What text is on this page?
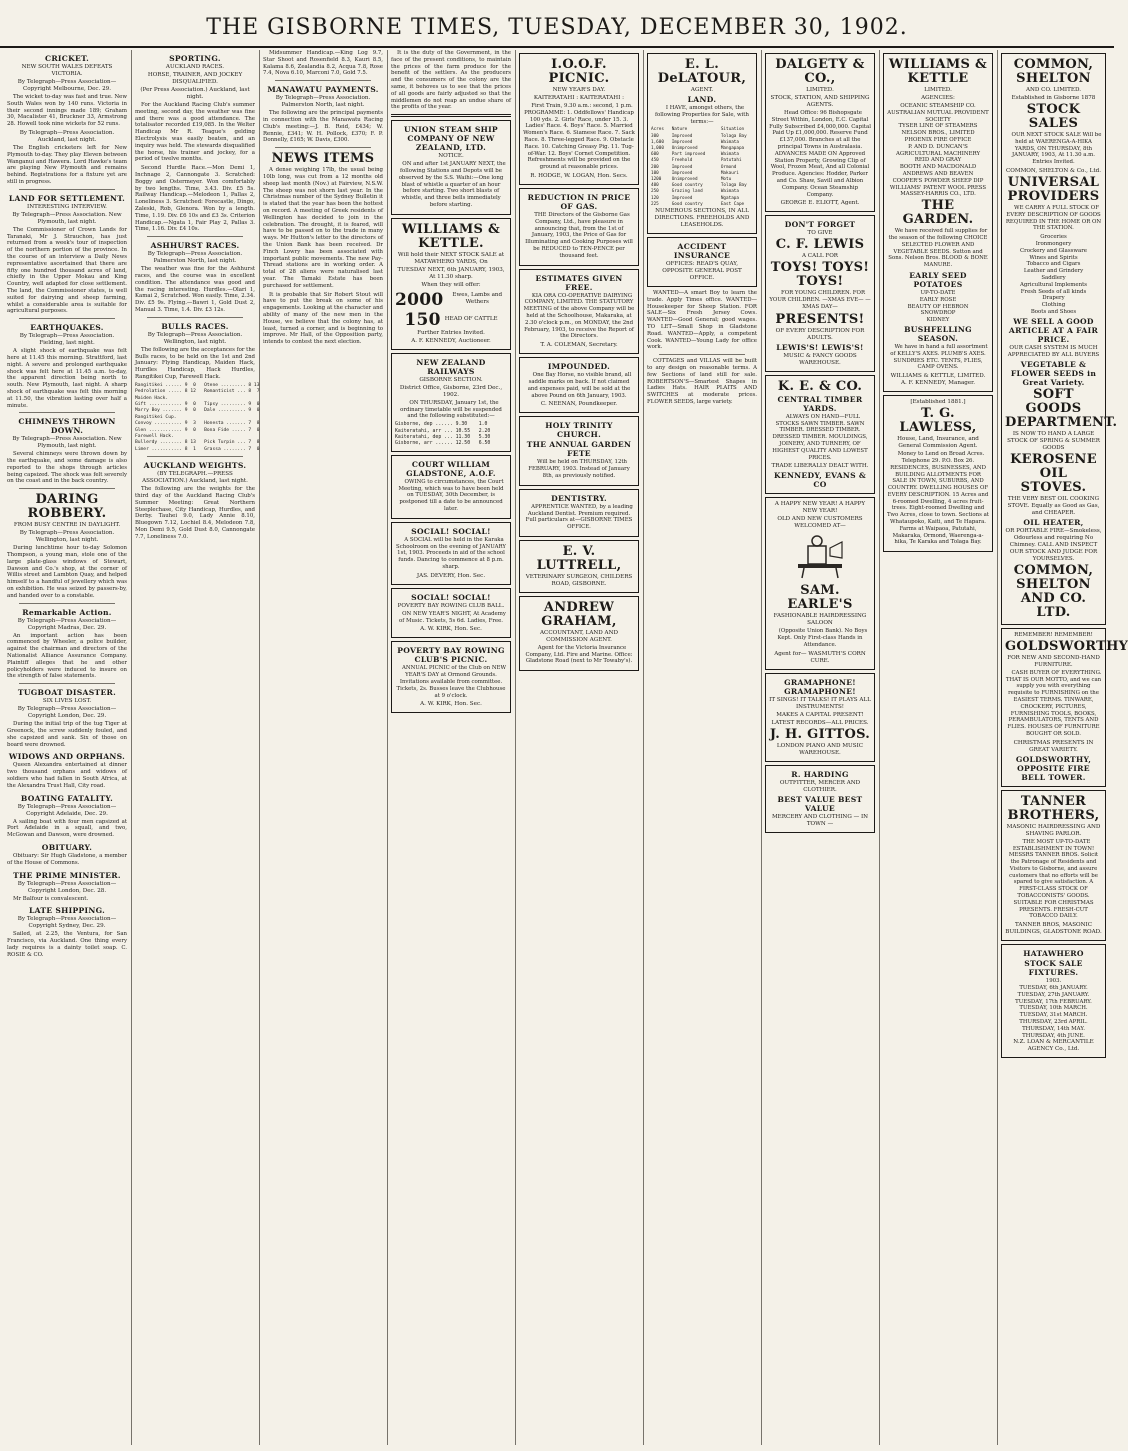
THE GISBORNE TIMES, TUESDAY, DECEMBER 30, 1902.
CRICKET.
NEW SOUTH WALES DEFEATS VICTORIA.
By Telegraph—Press Association—Copyright Melbourne, Dec. 29.

The wicket to-day was fast and true. New South Wales won by 140 runs. Victoria in their second innings made 189; Graham 30, Macalister 41, Bruckner 33, Armstrong 28. Howell took nine wickets for 52 runs.

By Telegraph—Press Association. Auckland, last night.

The English cricketers left for New Plymouth to-day. They play Eleven between Wanganui and Hawera. Lord Hawke's team are playing New Plymouth and remains behind. Registrations for a fixture yet are still in progress.

LAND FOR SETTLEMENT.
INTERESTING INTERVIEW.
By Telegraph—Press Association. New Plymouth, last night.

The Commissioner of Crown Lands for Taranaki, Mr J. Strauchon, has just returned from a week's tour of inspection of the northern portion of the province. In the course of an interview a Daily News representative ascertained that there are fifty one hundred thousand acres of land, chiefly in the Upper Mokau and King Country, well adapted for close settlement. The land, the Commissioner states, is well suited for dairying and sheep farming, whilst a considerable area is suitable for agricultural purposes.

EARTHQUAKES.
By Telegraph—Press Association. Fielding, last night.

A slight shock of earthquake was felt here at 11.45 this morning. Strattford, last night. A severe and prolonged earthquake shock was felt here at 11.45 a.m. to-day, the apparent direction being north to south. New Plymouth, last night. A sharp shock of earthquake was felt this morning at 11.50, the vibration lasting over half a minute.

CHIMNEYS THROWN DOWN.
By Telegraph—Press Association. New Plymouth, last night.

Several chimneys were thrown down by the earthquake, and some damage is also reported to the shops through articles being capsized. The shock was felt severely on the coast and in the back country.

DARING ROBBERY.
FROM BUSY CENTRE IN DAYLIGHT.
By Telegraph—Press Association. Wellington, last night.

During lunchtime hour to-day Solomon Thompson, a young man, stole one of the large plate-glass windows of Stewart, Dawson and Co.'s shop, at the corner of Willis street and Lambton Quay, and helped himself to a handful of jewellery which was on exhibition. He was seized by passers-by, and handed over to a constable.

Remarkable Action.
By Telegraph—Press Association—Copyright Madras, Dec. 29.

An important action has been commenced by Wheeler, a police builder, against the chairman and directors of the Nationalist Alliance Assurance Company. Plaintiff alleges that he and other policyholders were induced to insure on the strength of false statements.

TUGBOAT DISASTER.
SIX LIVES LOST.
By Telegraph—Press Association—Copyright London, Dec. 29.

During the initial trip of the tug Tiger at Greenock, the screw suddenly fouled, and she capsized and sank. Six of those on board were drowned.

WIDOWS AND ORPHANS.

Queen Alexandra entertained at dinner two thousand orphans and widows of soldiers who had fallen in South Africa, at the Alexandra Trust Hall, City road.

BOATING FATALITY.
By Telegraph—Press Association—Copyright Adelaide, Dec. 29.

A sailing boat with four men capsized at Port Adelaide in a squall, and two, McGowan and Dawson, were drowned.

OBITUARY.

Obituary: Sir Hugh Gladstone, a member of the House of Commons.

THE PRIME MINISTER.
By Telegraph—Press Association—Copyright London, Dec. 28.

Mr Balfour is convalescent.

LATE SHIPPING.
By Telegraph—Press Association—Copyright Sydney, Dec. 29.

Sailed, at 2.25, the Ventura, for San Francisco, via Auckland. One thing every lady requires is a dainty toilet soap. C. ROSIE & CO.

SPORTING.
AUCKLAND RACES.
HORSE, TRAINER, AND JOCKEY DISQUALIFIED.
(Per Press Association.) Auckland, last night.

For the Auckland Racing Club's summer meeting, second day, the weather was fine and there was a good attendance. The totalisator recorded £19,085. In the Welter Handicap Mr R. Teague's gelding Electrolysis was easily beaten, and an inquiry was held. The stewards disqualified the horse, his trainer and jockey, for a period of twelve months.

Second Hurdle Race.—Mon Demi 1, Inchnage 2, Cannongate 3. Scratched: Boggy and Ostermeyer. Won comfortably by two lengths. Time, 3.43. Div. £5 5s. Railway Handicap.—Melodeon 1, Pallas 2, Loneliness 3. Scratched: Forecastle, Dingo, Zaleski, Rob, Glenora. Won by a length. Time, 1.19. Div. £6 10s and £3 3s. Criterion Handicap.—Ngata 1, Fair Play 2, Pallas 3. Time, 1.16. Div. £4 10s.

ASHHURST RACES.
By Telegraph—Press Association. Palmerston North, last night.

The weather was fine for the Ashhurst races, and the course was in excellent condition. The attendance was good and the racing interesting. Hurdles.—Olari 1, Kamai 2, Scratched. Won easily. Time, 2.34. Div. £5 9s. Flying.—Bawri 1, Gold Dust 2, Manual 3. Time, 1.4. Div. £3 12s.

BULLS RACES.
By Telegraph—Press Association. Wellington, last night.

The following are the acceptances for the Bulls races, to be held on the 1st and 2nd January: Flying Handicap, Maiden Hack, Hurdles Handicap, Hack Hurdles, Rangitikei Cup, Farewell Hack.

Rangitikei ...... 9  0   Otene ......... 8 13
Pedrolation ..... 8 12   Romanticist ... 8  7
Maiden Hack.
Gift ............ 9  0   Tipsy ......... 9  0
Marry Boy ....... 9  0   Dale .......... 9  0
Rangitikei Cup.
Convoy .......... 9  3   Honesta ....... 7  8
Glen ............ 9  0   Bona Fide ..... 7  0
Farewell Hack.
Bullerdy ........ 8 13   Pick Turpin ... 7  8
Limer ........... 8  1   Grassa ........ 7  0
AUCKLAND WEIGHTS.
(BY TELEGRAPH.—PRESS ASSOCIATION.) Auckland, last night.

The following are the weights for the third day of the Auckland Racing Club's Summer Meeting: Great Northern Steeplechase, City Handicap, Hurdles, and Derby. Tauhei 9.0, Lady Annie 8.10, Bluegown 7.12, Lochiel 8.4, Melodeon 7.8, Mon Demi 9.5, Gold Dust 8.0, Cannongate 7.7, Loneliness 7.0.

Midsummer Handicap.—King Log 9.7, Star Shoot and Rosenfield 8.3, Kauri 8.5, Kalama 8.6, Zealandia 8.2, Acqua 7.8, Rose 7.4, Nova 6.10, Marconi 7.0, Gold 7.5.

MANAWATU PAYMENTS.
By Telegraph—Press Association. Palmerston North, last night.

The following are the principal payments in connection with the Manawatu Racing Club's meeting:—J. B. Reid, £434; W. Rennie, £341; W. H. Pollock, £370; F. P. Donnelly, £165; W. Davis, £300.

NEWS ITEMS

A dense weighing 17lb, the usual being 10lb long, was cut from a 12 months old sheep last month (Nov.) at Fairview, N.S.W. The sheep was not shorn last year. In the Christmas number of the Sydney Bulletin it is stated that the year has been the hottest on record. A meeting of Greek residents of Wellington has decided to join in the celebration. The drought, it is feared, will have to be passed on to the trade in many ways. Mr Hutton's letter to the directors of the Union Bank has been received. Dr Finch Lowry has been associated with important public movements. The new Pay-Thread stations are in working order. A total of 28 aliens were naturalised last year. The Tamaki Estate has been purchased for settlement.

It is probable that Sir Robert Stout will have to put the break on some of his engagements. Looking at the character and ability of many of the new men in the House, we believe that the colony has, at least, turned a corner, and is beginning to improve. Mr Hall, of the Opposition party, intends to contest the next election.

It is the duty of the Government, in the face of the present conditions, to maintain the prices of the farm produce for the benefit of the settlers. As the producers and the consumers of the colony are the same, it behoves us to see that the prices of all goods are fairly adjusted so that the middlemen do not reap an undue share of the profits of the year.

UNION STEAM SHIP COMPANY OF NEW ZEALAND, LTD.
NOTICE.

ON and after 1st JANUARY NEXT, the following Stations and Depots will be observed by the S.S. Waihi:—One long blast of whistle a quarter of an hour before starting. Two short blasts of whistle, and three bells immediately before starting.

WILLIAMS & KETTLE.
Will hold their NEXT STOCK SALE at MATAWHERO YARDS, On
TUESDAY NEXT, 6th JANUARY, 1903, At 11.30 sharp.
When they will offer:
2000	Ewes, Lambs and Wethers
150 HEAD OF CATTLE
Further Entries Invited.
A. F. KENNEDY, Auctioneer.
NEW ZEALAND RAILWAYS
GISBORNE SECTION.
District Office, Gisborne, 23rd Dec., 1902.

ON THURSDAY, January 1st, the ordinary timetable will be suspended and the following substituted:—

Gisborne, dep ...... 9.30    1.0
Kaiteratahi, arr ... 10.55   2.20
Kaiteratahi, dep ... 11.30   5.30
Gisborne, arr ...... 12.50   6.50
COURT WILLIAM GLADSTONE, A.O.F.

OWING to circumstances, the Court Meeting, which was to have been held on TUESDAY, 30th December, is postponed till a date to be announced later.

SOCIAL! SOCIAL!

A SOCIAL will be held in the Karaka Schoolroom on the evening of JANUARY 1st, 1903. Proceeds in aid of the school funds. Dancing to commence at 8 p.m. sharp.

JAS. DEVERY, Hon. Sec.
SOCIAL! SOCIAL!
POVERTY BAY ROWING CLUB BALL.

ON NEW YEAR'S NIGHT, At Academy of Music. Tickets, 5s 6d. Ladies, Free.

A. W. KIRK, Hon. Sec.
POVERTY BAY ROWING CLUB'S PICNIC.

ANNUAL PICNIC of the Club on NEW YEAR'S DAY at Ormond Grounds. Invitations available from committee. Tickets, 2s. Busses leave the Clubhouse at 9 o'clock.

A. W. KIRK, Hon. Sec.
I.O.O.F. PICNIC.
NEW YEAR'S DAY.
KAITERATAHI : KAITERATAHI :

First Train, 9.30 a.m.: second, 1 p.m. PROGRAMME: 1. Oddfellows' Handicap 100 yds. 2. Girls' Race, under 15. 3. Ladies' Race. 4. Boys' Race. 5. Married Women's Race. 6. Siamese Race. 7. Sack Race. 8. Three-legged Race. 9. Obstacle Race. 10. Catching Greasy Pig. 11. Tug-of-War. 12. Boys' Cornet Competition. Refreshments will be provided on the ground at reasonable prices.

R. HODGE, W. LOGAN, Hon. Secs.
REDUCTION IN PRICE OF GAS.

THE Directors of the Gisborne Gas Company, Ltd., have pleasure in announcing that, from the 1st of January, 1903, the Price of Gas for Illuminating and Cooking Purposes will be REDUCED to TEN-PENCE per thousand feet.

ESTIMATES GIVEN FREE.

KIA ORA CO-OPERATIVE DAIRYING COMPANY, LIMITED. THE STATUTORY MEETING of the above Company will be held at the Schoolhouse, Makaraka, at 2.30 o'clock p.m., on MONDAY, the 2nd February, 1903, to receive the Report of the Directors.

T. A. COLEMAN, Secretary.
IMPOUNDED.

One Bay Horse, no visible brand, all saddle marks on back. If not claimed and expenses paid, will be sold at the above Pound on 6th January, 1903.

C. NEENAN, Poundkeeper.
HOLY TRINITY CHURCH.
THE ANNUAL GARDEN FETE

Will be held on THURSDAY, 12th FEBRUARY, 1903. Instead of January 8th, as previously notified.

DENTISTRY.

APPRENTICE WANTED, by a leading Auckland Dentist. Premium required. Full particulars at—GISBORNE TIMES OFFICE.

E. V. LUTTRELL,
VETERINARY SURGEON, CHILDERS ROAD, GISBORNE.
ANDREW GRAHAM,
ACCOUNTANT, LAND AND COMMISSION AGENT.

Agent for the Victoria Insurance Company, Ltd. Fire and Marine. Office: Gladstone Road (next to Mr Towaby's).

E. L. DeLATOUR,
AGENT.
LAND.

I HAVE, amongst others, the following Properties for Sale, with terms:—

Acres   Nature             Situation
300     Improved           Tolaga Bay
1,600   Improved           Waimata
1,000   Unimproved         Mangapapa
600     Part improved      Waimata
450     Freehold           Patutahi
200     Improved           Ormond
100     Improved           Makauri
1200    Unimproved         Motu
400     Good country       Tolaga Bay
250     Grazing land       Waimata
120     Improved           Ngatapa
225     Good country       East Cape
NUMEROUS SECTIONS, IN ALL DIRECTIONS. FREEHOLDS AND LEASEHOLDS.
ACCIDENT INSURANCE
OFFICES: READ'S QUAY, OPPOSITE GENERAL POST OFFICE.

WANTED—A smart Boy to learn the trade. Apply Times office. WANTED—Housekeeper for Sheep Station. FOR SALE—Six Fresh Jersey Cows. WANTED—Good General; good wages. TO LET—Small Shop in Gladstone Road. WANTED—Apply, a competent Cook. WANTED—Young Lady for office work.

COTTAGES and VILLAS will be built to any design on reasonable terms. A few Sections of land still for sale. ROBERTSON'S—Smartest Shapes in Ladies Hats. HAIR PLAITS AND SWITCHES at moderate prices. FLOWER SEEDS, large variety.

DALGETY & CO.,
LIMITED.
STOCK, STATION, AND SHIPPING AGENTS.

Head Office: 96 Bishopsgate Street Within, London, E.C. Capital Fully Subscribed £4,000,000. Capital Paid Up £1,000,000. Reserve Fund £137,000. Branches at all the principal Towns in Australasia. ADVANCES MADE ON Approved Station Property, Growing Clip of Wool, Frozen Meat, And all Colonial Produce. Agencies: Hodder, Parker and Co. Shaw, Savill and Albion Company. Ocean Steamship Company.

GEORGE E. ELIOTT, Agent.
DON'T FORGET
TO GIVE
C. F. LEWIS
A CALL FOR
TOYS! TOYS! TOYS!

FOR YOUNG CHILDREN. FOR YOUR CHILDREN. —XMAS EVE— —XMAS DAY—

PRESENTS!
OF EVERY DESCRIPTION FOR ADULTS.
LEWIS'S! LEWIS'S!
MUSIC & FANCY GOODS WAREHOUSE.
K. E. & CO.
CENTRAL TIMBER YARDS.

ALWAYS ON HAND—FULL STOCKS SAWN TIMBER. SAWN TIMBER. DRESSED TIMBER. DRESSED TIMBER. MOULDINGS, JOINERY, AND TURNERY, OF HIGHEST QUALITY AND LOWEST PRICES.

TRADE LIBERALLY DEALT WITH.
KENNEDY, EVANS & CO
A HAPPY NEW YEAR! A HAPPY NEW YEAR!
OLD AND NEW CUSTOMERS WELCOMED AT—
SAM. EARLE'S
FASHIONABLE HAIRDRESSING SALOON

(Opposite Union Bank). No Boys Kept. Only First-class Hands in Attendance.

Agent for— WASMUTH'S CORN CURE.
GRAMAPHONE! GRAMAPHONE!
IT SINGS! IT TALKS! IT PLAYS ALL INSTRUMENTS!
MAKES A CAPITAL PRESENT!
LATEST RECORDS—ALL PRICES.
J. H. GITTOS.
LONDON PIANO AND MUSIC WAREHOUSE.
R. HARDING
OUTFITTER, MERCER AND CLOTHIER.
BEST VALUE BEST VALUE
MERCERY AND CLOTHING — IN TOWN —
WILLIAMS & KETTLE
LIMITED.
AGENCIES:
OCEANIC STEAMSHIP CO.
AUSTRALIAN MUTUAL PROVIDENT SOCIETY
TYSER LINE OF STEAMERS
NELSON BROS., LIMITED
PHOENIX FIRE OFFICE
P. AND D. DUNCAN'S AGRICULTURAL MACHINERY
REID AND GRAY
BOOTH AND MACDONALD
ANDREWS AND BEAVEN
COOPER'S POWDER SHEEP DIP
WILLIAMS' PATENT WOOL PRESS
MASSEY-HARRIS CO., LTD.
THE GARDEN.

We have received full supplies for the season of the following CHOICE SELECTED FLOWER AND VEGETABLE SEEDS. Sutton and Sons. Nelson Bros. BLOOD & BONE MANURE.

EARLY SEED POTATOES
UP-TO-DATE
EARLY ROSE
BEAUTY OF HEBRON
SNOWDROP
KIDNEY
BUSHFELLING SEASON.

We have in hand a full assortment of KELLY'S AXES. PLUMB'S AXES. SUNDRIES ETC. TENTS, FLIES, CAMP OVENS.

WILLIAMS & KETTLE, LIMITED. A. F. KENNEDY, Manager.
[Established 1881.]
T. G. LAWLESS,
House, Land, Insurance, and General Commission Agent.

Money to Lend on Broad Acres. Telephone 29. P.O. Box 26. RESIDENCES, BUSINESSES, AND BUILDING ALLOTMENTS FOR SALE IN TOWN, SUBURBS, AND COUNTRY. DWELLING HOUSES OF EVERY DESCRIPTION. 15 Acres and 6-roomed Dwelling, 4 acres fruit-trees. Eight-roomed Dwelling and Two Acres, close to town. Sections at Whataupoko, Kaiti, and Te Hapara. Farms at Waipaoa, Patutahi, Makaraka, Ormond, Waerenga-a-hika, Te Karaka and Tolaga Bay.

COMMON, SHELTON
AND CO. LIMITED.
Established in Gisborne 1878
STOCK SALES

OUR NEXT STOCK SALE Will be held at WAERENGA-A-HIKA YARDS, ON THURSDAY, 8th JANUARY, 1903, At 11.30 a.m. Entries Invited.

COMMON, SHELTON & Co., Ltd.
UNIVERSAL PROVIDERS

WE CARRY A FULL STOCK OF EVERY DESCRIPTION OF GOODS REQUIRED IN THE HOME OR ON THE STATION.

Groceries
Ironmongery
Crockery and Glassware
Wines and Spirits
Tobacco and Cigars
Leather and Grindery
Saddlery
Agricultural Implements
Fresh Seeds of all kinds
Drapery
Clothing
Boots and Shoes
WE SELL A GOOD ARTICLE AT A FAIR PRICE.
OUR CASH SYSTEM IS MUCH APPRECIATED BY ALL BUYERS
VEGETABLE & FLOWER SEEDS in Great Variety.
SOFT GOODS DEPARTMENT.
IS NOW TO HAND A LARGE STOCK OF SPRING & SUMMER GOODS
KEROSENE OIL STOVES.
THE VERY BEST OIL COOKING STOVE. Equally as Good as Gas, and CHEAPER.
OIL HEATER,
OR PORTABLE FIRE—Smokeless, Odourless and requiring No Chimney. CALL AND INSPECT OUR STOCK AND JUDGE FOR YOURSELVES.
COMMON, SHELTON AND CO. LTD.
REMEMBER! REMEMBER!
GOLDSWORTHY
FOR NEW AND SECOND-HAND FURNITURE.

CASH BUYER OF EVERYTHING. THAT IS OUR MOTTO, and we can supply you with everything requisite to FURNISHING on the EASIEST TERMS. TINWARE, CROCKERY, PICTURES, FURNISHING TOOLS, BOOKS, PERAMBULATORS, TENTS AND FLIES. HOUSES OF FURNITURE BOUGHT OR SOLD.

CHRISTMAS PRESENTS IN GREAT VARIETY.
GOLDSWORTHY, OPPOSITE FIRE BELL TOWER.
TANNER BROTHERS,
MASONIC HAIRDRESSING AND SHAVING PARLOR.

THE MOST UP-TO-DATE ESTABLISHMENT IN TOWN! MESSRS TANNER BROS. Solicit the Patronage of Residents and Visitors to Gisborne, and assure customers that no efforts will be spared to give satisfaction. A FIRST-CLASS STOCK OF TOBACCONISTS' GOODS. SUITABLE FOR CHRISTMAS PRESENTS. FRESH-CUT TOBACCO DAILY.

TANNER BROS, MASONIC BUILDINGS, GLADSTONE ROAD.
HATAWHERO
STOCK SALE FIXTURES.
1903.
TUESDAY, 6th JANUARY.
TUESDAY, 27th JANUARY.
TUESDAY, 17th FEBRUARY.
TUESDAY, 10th MARCH.
TUESDAY, 31st MARCH.
THURSDAY, 23rd APRIL.
THURSDAY, 14th MAY.
THURSDAY, 4th JUNE.
N.Z. LOAN & MERCANTILE AGENCY Co., Ltd.
